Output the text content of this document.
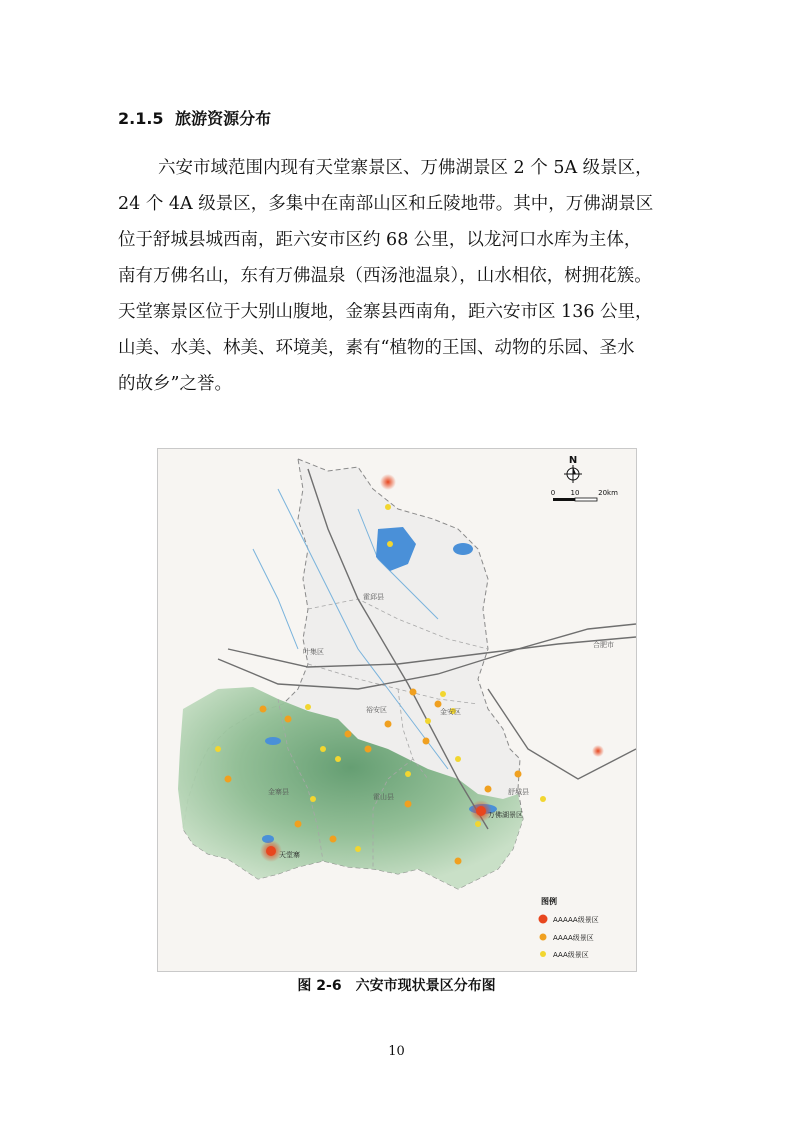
2.1.5 旅游资源分布
六安市域范围内现有天堂寨景区、万佛湖景区 2 个 5A 级景区，
24 个 4A 级景区，多集中在南部山区和丘陵地带。其中，万佛湖景区
位于舒城县城西南，距六安市区约 68 公里，以龙河口水库为主体，
南有万佛名山，东有万佛温泉（西汤池温泉），山水相依，树拥花簇。
天堂寨景区位于大别山腹地，金寨县西南角，距六安市区 136 公里，
山美、水美、林美、环境美，素有“植物的王国、动物的乐园、圣水
的故乡”之誉。
天堂寨
万佛湖景区
霍邱县
叶集区
裕安区	金安区
金寨县
霍山县
舒城县
合肥市
N
0 10	20km
图例
AAAAA级景区
AAAA级景区
AAA级景区
图 2-6　六安市现状景区分布图
10
